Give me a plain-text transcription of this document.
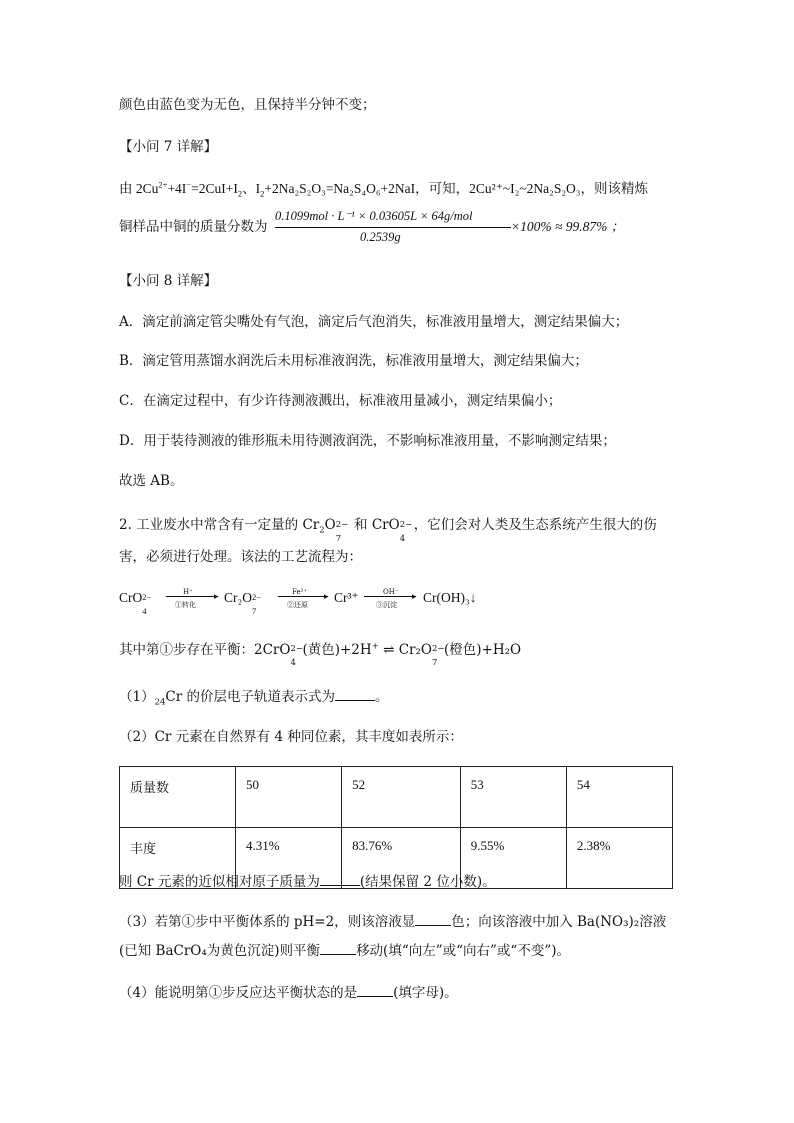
颜色由蓝色变为无色，且保持半分钟不变；
【小问 7 详解】
由 $2Cu^{2+}+4I^-=2CuI+I_2$、$I_2+2Na_2S_2O_3=Na_2S_4O_6+2NaI$，可知，2Cu²⁺~I₂~2Na₂S₂O₃，则该精炼
铜样品中铜的质量分数为
0.1099mol · L⁻¹ × 0.03605L × 64g/mol
0.2539g
×100% ≈ 99.87% ；
【小问 8 详解】
A．滴定前滴定管尖嘴处有气泡，滴定后气泡消失，标准液用量增大，测定结果偏大；
B．滴定管用蒸馏水润洗后未用标准液润洗，标准液用量增大，测定结果偏大；
C．在滴定过程中，有少许待测液溅出，标准液用量减小，测定结果偏小；
D．用于装待测液的锥形瓶未用待测液润洗，不影响标准液用量，不影响测定结果；
故选 AB。
2. 工业废水中常含有一定量的 $Cr_2O$ 2−
7
和 CrO 2−
4
，它们会对人类及生态系统产生很大的伤
害，必须进行处理。该法的工艺流程为：
CrO 2−
4
H⁺ ▸
①转化 Cr₂O 2−
7
Fe²⁺ ▸
②还原 Cr³⁺	OH⁻ ▸
③沉淀 Cr(OH)₃↓
其中第①步存在平衡：2CrO 2−
4
(黄色)+2H+ ⇌ Cr₂O 2−
7
(橙色)+H₂O
$(1)_{24}Cr$ 的价层电子轨道表示式为	。
（2）Cr 元素在自然界有 4 种同位素，其丰度如表所示：
质量数	50	52	53	54
丰度	4.31%	83.76%	9.55%	2.38%
则 Cr 元素的近似相对原子质量为	(结果保留 2 位小数)。
（3）若第①步中平衡体系的 pH=2，则该溶液显	色；向该溶液中加入 Ba(NO₃)₂溶液
(已知 BaCrO₄为黄色沉淀)则平衡	移动(填“向左”或“向右”或“不变”)。
（4）能说明第①步反应达平衡状态的是	(填字母)。
